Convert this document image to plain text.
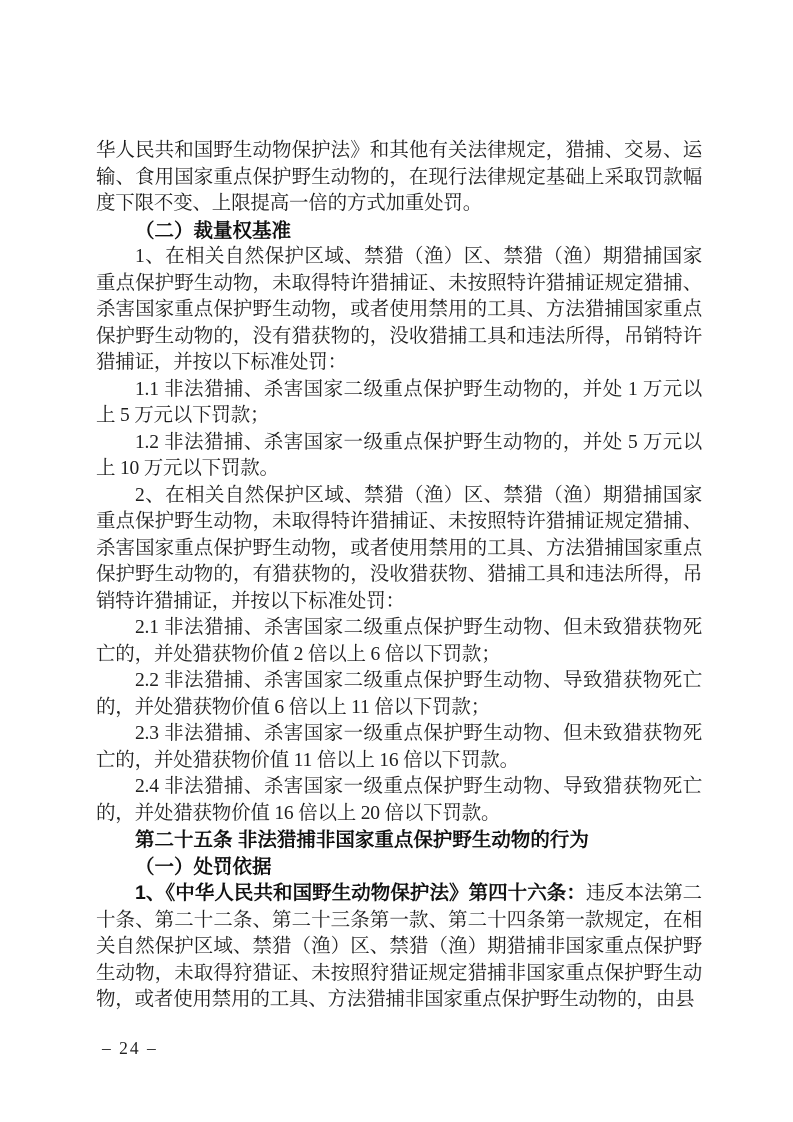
华人民共和国野生动物保护法》和其他有关法律规定，猎捕、交易、运输、食用国家重点保护野生动物的，在现行法律规定基础上采取罚款幅度下限不变、上限提高一倍的方式加重处罚。

（二）裁量权基准

1、在相关自然保护区域、禁猎（渔）区、禁猎（渔）期猎捕国家重点保护野生动物，未取得特许猎捕证、未按照特许猎捕证规定猎捕、杀害国家重点保护野生动物，或者使用禁用的工具、方法猎捕国家重点保护野生动物的，没有猎获物的，没收猎捕工具和违法所得，吊销特许猎捕证，并按以下标准处罚：

1.1 非法猎捕、杀害国家二级重点保护野生动物的，并处 1 万元以上 5 万元以下罚款；

1.2 非法猎捕、杀害国家一级重点保护野生动物的，并处 5 万元以上 10 万元以下罚款。

2、在相关自然保护区域、禁猎（渔）区、禁猎（渔）期猎捕国家重点保护野生动物，未取得特许猎捕证、未按照特许猎捕证规定猎捕、杀害国家重点保护野生动物，或者使用禁用的工具、方法猎捕国家重点保护野生动物的，有猎获物的，没收猎获物、猎捕工具和违法所得，吊销特许猎捕证，并按以下标准处罚：

2.1 非法猎捕、杀害国家二级重点保护野生动物、但未致猎获物死亡的，并处猎获物价值 2 倍以上 6 倍以下罚款；

2.2 非法猎捕、杀害国家二级重点保护野生动物、导致猎获物死亡的，并处猎获物价值 6 倍以上 11 倍以下罚款；

2.3 非法猎捕、杀害国家一级重点保护野生动物、但未致猎获物死亡的，并处猎获物价值 11 倍以上 16 倍以下罚款。

2.4 非法猎捕、杀害国家一级重点保护野生动物、导致猎获物死亡的，并处猎获物价值 16 倍以上 20 倍以下罚款。

第二十五条 非法猎捕非国家重点保护野生动物的行为

（一）处罚依据

1、《中华人民共和国野生动物保护法》第四十六条：违反本法第二十条、第二十二条、第二十三条第一款、第二十四条第一款规定，在相关自然保护区域、禁猎（渔）区、禁猎（渔）期猎捕非国家重点保护野生动物，未取得狩猎证、未按照狩猎证规定猎捕非国家重点保护野生动物，或者使用禁用的工具、方法猎捕非国家重点保护野生动物的，由县

– 24 –
